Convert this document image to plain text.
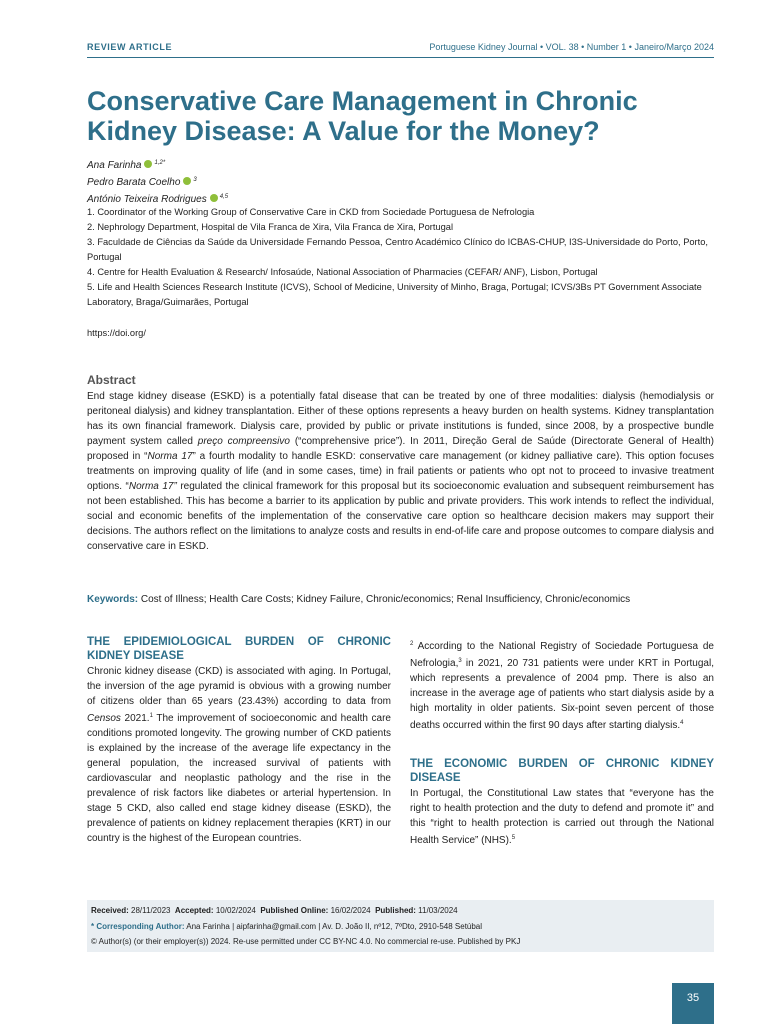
REVIEW ARTICLE	Portuguese Kidney Journal • VOL. 38 • Number 1 • Janeiro/Março 2024
Conservative Care Management in Chronic Kidney Disease: A Value for the Money?
Ana Farinha $^{1,2*}$
Pedro Barata Coelho $^3$
António Teixeira Rodrigues $^{4,5}$
1. Coordinator of the Working Group of Conservative Care in CKD from Sociedade Portuguesa de Nefrologia
2. Nephrology Department, Hospital de Vila Franca de Xira, Vila Franca de Xira, Portugal
3. Faculdade de Ciências da Saúde da Universidade Fernando Pessoa, Centro Académico Clínico do ICBAS-CHUP, I3S-Universidade do Porto, Porto, Portugal
4. Centre for Health Evaluation & Research/ Infosaúde, National Association of Pharmacies (CEFAR/ ANF), Lisbon, Portugal
5. Life and Health Sciences Research Institute (ICVS), School of Medicine, University of Minho, Braga, Portugal; ICVS/3Bs PT Government Associate Laboratory, Braga/Guimarães, Portugal
https://doi.org/
Abstract
End stage kidney disease (ESKD) is a potentially fatal disease that can be treated by one of three modalities: dialysis (hemodialysis or peritoneal dialysis) and kidney transplantation. Either of these options represents a heavy burden on health systems. Kidney transplantation has its own financial framework. Dialysis care, provided by public or private institutions is funded, since 2008, by a prospective bundle payment system called preço compreensivo (“comprehensive price”). In 2011, Direção Geral de Saúde (Directorate General of Health) proposed in “Norma 17” a fourth modality to handle ESKD: conservative care management (or kidney palliative care). This option focuses treatments on improving quality of life (and in some cases, time) in frail patients or patients who opt not to proceed to invasive treatment options. “Norma 17” regulated the clinical framework for this proposal but its socioeconomic evaluation and subsequent reimbursement has not been established. This has become a barrier to its application by public and private providers. This work intends to reflect the individual, social and economic benefits of the implementation of the conservative care option so healthcare decision makers may support their decisions. The authors reflect on the limitations to analyze costs and results in end-of-life care and propose outcomes to compare dialysis and conservative care in ESKD.
Keywords: Cost of Illness; Health Care Costs; Kidney Failure, Chronic/economics; Renal Insufficiency, Chronic/economics
THE EPIDEMIOLOGICAL BURDEN OF CHRONIC KIDNEY DISEASE

Chronic kidney disease (CKD) is associated with aging. In Portugal, the inversion of the age pyramid is obvious with a growing number of citizens older than 65 years (23.43%) according to data from Censos 2021.$^1$ The improvement of socioeconomic and health care conditions promoted longevity. The growing number of CKD patients is explained by the increase of the average life expectancy in the general population, the increased survival of patients with cardiovascular and neoplastic pathology and the rise in the prevalence of risk factors like diabetes or arterial hypertension. In stage 5 CKD, also called end stage kidney disease (ESKD), the prevalence of patients on kidney replacement therapies (KRT) in our country is the highest of the European countries.

$^2$ According to the National Registry of Sociedade Portuguesa de Nefrologia,$^3$ in 2021, 20 731 patients were under KRT in Portugal, which represents a prevalence of 2004 pmp. There is also an increase in the average age of patients who start dialysis aside by a high mortality in older patients. Six-point seven percent of those deaths occurred within the first 90 days after starting dialysis.$^4$

THE ECONOMIC BURDEN OF CHRONIC KIDNEY DISEASE

In Portugal, the Constitutional Law states that “everyone has the right to health protection and the duty to defend and promote it” and this “right to health protection is carried out through the National Health Service” (NHS).$^5$

Received: 28/11/2023 Accepted: 10/02/2024 Published Online: 16/02/2024 Published: 11/03/2024
* Corresponding Author: Ana Farinha | aipfarinha@gmail.com | Av. D. João II, nº12, 7ºDto, 2910-548 Setúbal
© Author(s) (or their employer(s)) 2024. Re-use permitted under CC BY-NC 4.0. No commercial re-use. Published by PKJ
35
